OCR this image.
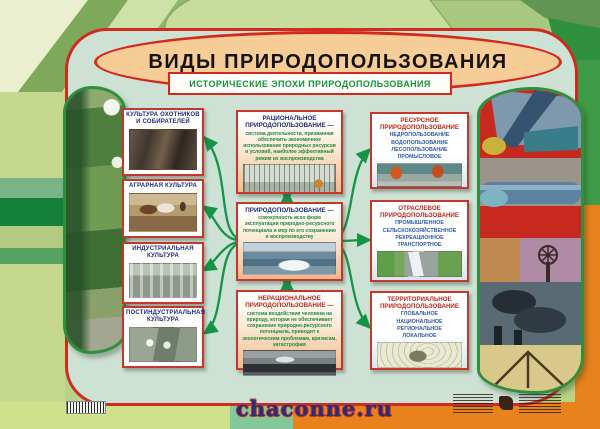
ВИДЫ ПРИРОДОПОЛЬЗОВАНИЯ
ИСТОРИЧЕСКИЕ ЭПОХИ ПРИРОДОПОЛЬЗОВАНИЯ
КУЛЬТУРА ОХОТНИКОВ И СОБИРАТЕЛЕЙ
АГРАРНАЯ КУЛЬТУРА
ИНДУСТРИАЛЬНАЯ КУЛЬТУРА
ПОСТИНДУСТРИАЛЬНАЯ КУЛЬТУРА
РАЦИОНАЛЬНОЕ ПРИРОДОПОЛЬЗОВАНИЕ —
система деятельности, призванная обеспечить экономичное использование природных ресурсов и условий, наиболее эффективный режим их воспроизводства
ПРИРОДОПОЛЬЗОВАНИЕ —
совокупность всех форм эксплуатации природно-ресурсного потенциала и мер по его сохранению и воспроизводству
НЕРАЦИОНАЛЬНОЕ ПРИРОДОПОЛЬЗОВАНИЕ —
система воздействия человека на природу, которая не обеспечивает сохранение природно-ресурсного потенциала, приводит к экологическим проблемам, кризисам, катастрофам
РЕСУРСНОЕ ПРИРОДОПОЛЬЗОВАНИЕ
НЕДРОПОЛЬЗОВАНИЕ
ВОДОПОЛЬЗОВАНИЕ
ЛЕСОПОЛЬЗОВАНИЕ
ПРОМЫСЛОВОЕ
ОТРАСЛЕВОЕ ПРИРОДОПОЛЬЗОВАНИЕ
ПРОМЫШЛЕННОЕ
СЕЛЬСКОХОЗЯЙСТВЕННОЕ
РЕКРЕАЦИОННОЕ
ТРАНСПОРТНОЕ
ТЕРРИТОРИАЛЬНОЕ ПРИРОДОПОЛЬЗОВАНИЕ
ГЛОБАЛЬНОЕ
НАЦИОНАЛЬНОЕ
РЕГИОНАЛЬНОЕ
ЛОКАЛЬНОЕ
chaconne.ru
